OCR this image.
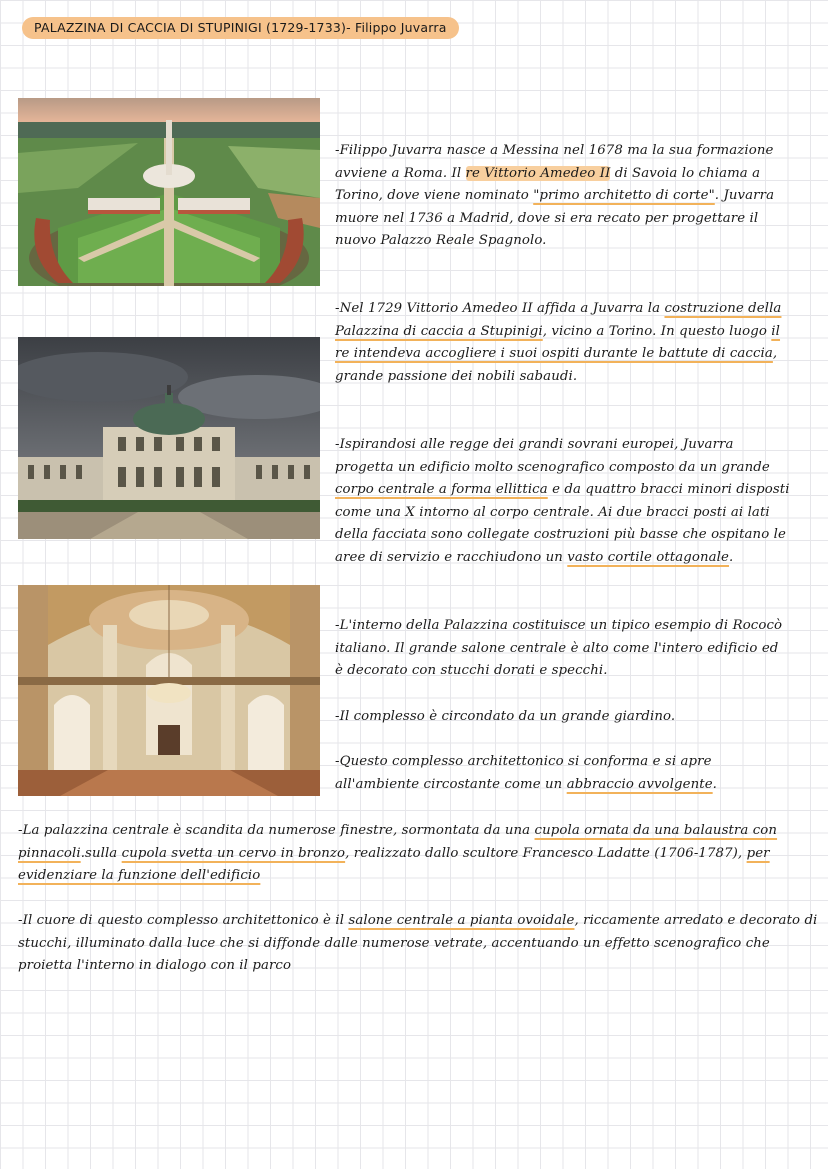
PALAZZINA DI CACCIA DI STUPINIGI (1729-1733)- Filippo Juvarra

-Filippo Juvarra nasce a Messina nel 1678 ma la sua formazione avviene a Roma. Il re Vittorio Amedeo II di Savoia lo chiama a Torino, dove viene nominato "primo architetto di corte". Juvarra muore nel 1736 a Madrid, dove si era recato per progettare il nuovo Palazzo Reale Spagnolo.

-Nel 1729 Vittorio Amedeo II affida a Juvarra la costruzione della Palazzina di caccia a Stupinigi, vicino a Torino. In questo luogo il re intendeva accogliere i suoi ospiti durante le battute di caccia, grande passione dei nobili sabaudi.

-Ispirandosi alle regge dei grandi sovrani europei, Juvarra progetta un edificio molto scenografico composto da un grande corpo centrale a forma ellittica e da quattro bracci minori disposti come una X intorno al corpo centrale. Ai due bracci posti ai lati della facciata sono collegate costruzioni più basse che ospitano le aree di servizio e racchiudono un vasto cortile ottagonale.

-L'interno della Palazzina costituisce un tipico esempio di Rococò italiano. Il grande salone centrale è alto come l'intero edificio ed è decorato con stucchi dorati e specchi.

-Il complesso è circondato da un grande giardino.

-Questo complesso architettonico si conforma e si apre all'ambiente circostante come un abbraccio avvolgente.

-La palazzina centrale è scandita da numerose finestre, sormontata da una cupola ornata da una balaustra con pinnacoli.sulla cupola svetta un cervo in bronzo, realizzato dallo scultore Francesco Ladatte (1706-1787), per evidenziare la funzione dell'edificio

-Il cuore di questo complesso architettonico è il salone centrale a pianta ovoidale, riccamente arredato e decorato di stucchi, illuminato dalla luce che si diffonde dalle numerose vetrate, accentuando un effetto scenografico che proietta l'interno in dialogo con il parco
